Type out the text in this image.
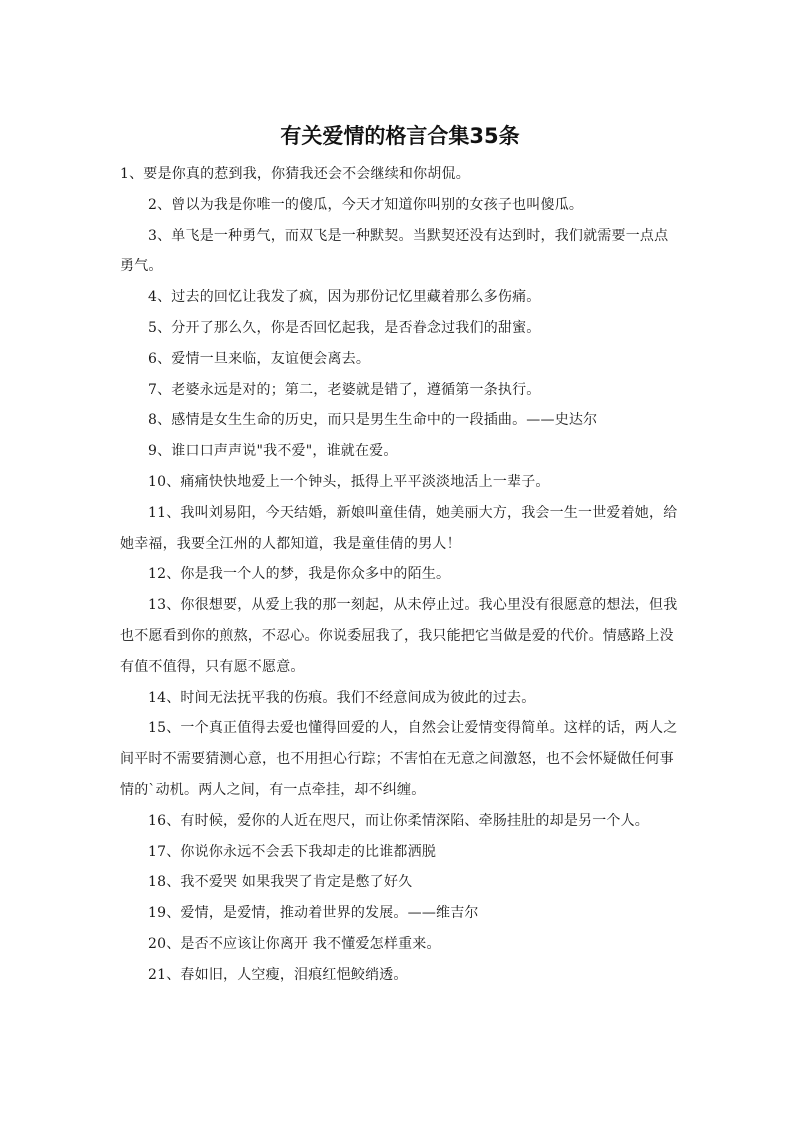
有关爱情的格言合集35条

1、要是你真的惹到我，你猜我还会不会继续和你胡侃。

2、曾以为我是你唯一的傻瓜，今天才知道你叫别的女孩子也叫傻瓜。

3、单飞是一种勇气，而双飞是一种默契。当默契还没有达到时，我们就需要一点点勇气。

4、过去的回忆让我发了疯，因为那份记忆里藏着那么多伤痛。

5、分开了那么久，你是否回忆起我，是否眷念过我们的甜蜜。

6、爱情一旦来临，友谊便会离去。

7、老婆永远是对的；第二，老婆就是错了，遵循第一条执行。

8、感情是女生生命的历史，而只是男生生命中的一段插曲。——史达尔

9、谁口口声声说"我不爱"，谁就在爱。

10、痛痛快快地爱上一个钟头，抵得上平平淡淡地活上一辈子。

11、我叫刘易阳，今天结婚，新娘叫童佳倩，她美丽大方，我会一生一世爱着她，给她幸福，我要全江州的人都知道，我是童佳倩的男人！

12、你是我一个人的梦，我是你众多中的陌生。

13、你很想要，从爱上我的那一刻起，从未停止过。我心里没有很愿意的想法，但我也不愿看到你的煎熬，不忍心。你说委屈我了，我只能把它当做是爱的代价。情感路上没有值不值得，只有愿不愿意。

14、时间无法抚平我的伤痕。我们不经意间成为彼此的过去。

15、一个真正值得去爱也懂得回爱的人，自然会让爱情变得简单。这样的话，两人之间平时不需要猜测心意，也不用担心行踪；不害怕在无意之间激怒，也不会怀疑做任何事情的`动机。两人之间，有一点牵挂，却不纠缠。

16、有时候，爱你的人近在咫尺，而让你柔情深陷、牵肠挂肚的却是另一个人。

17、你说你永远不会丢下我却走的比谁都洒脱

18、我不爱哭 如果我哭了肯定是憋了好久

19、爱情，是爱情，推动着世界的发展。——维吉尔

20、是否不应该让你离开 我不懂爱怎样重来。

21、春如旧，人空瘦，泪痕红悒鲛绡透。
